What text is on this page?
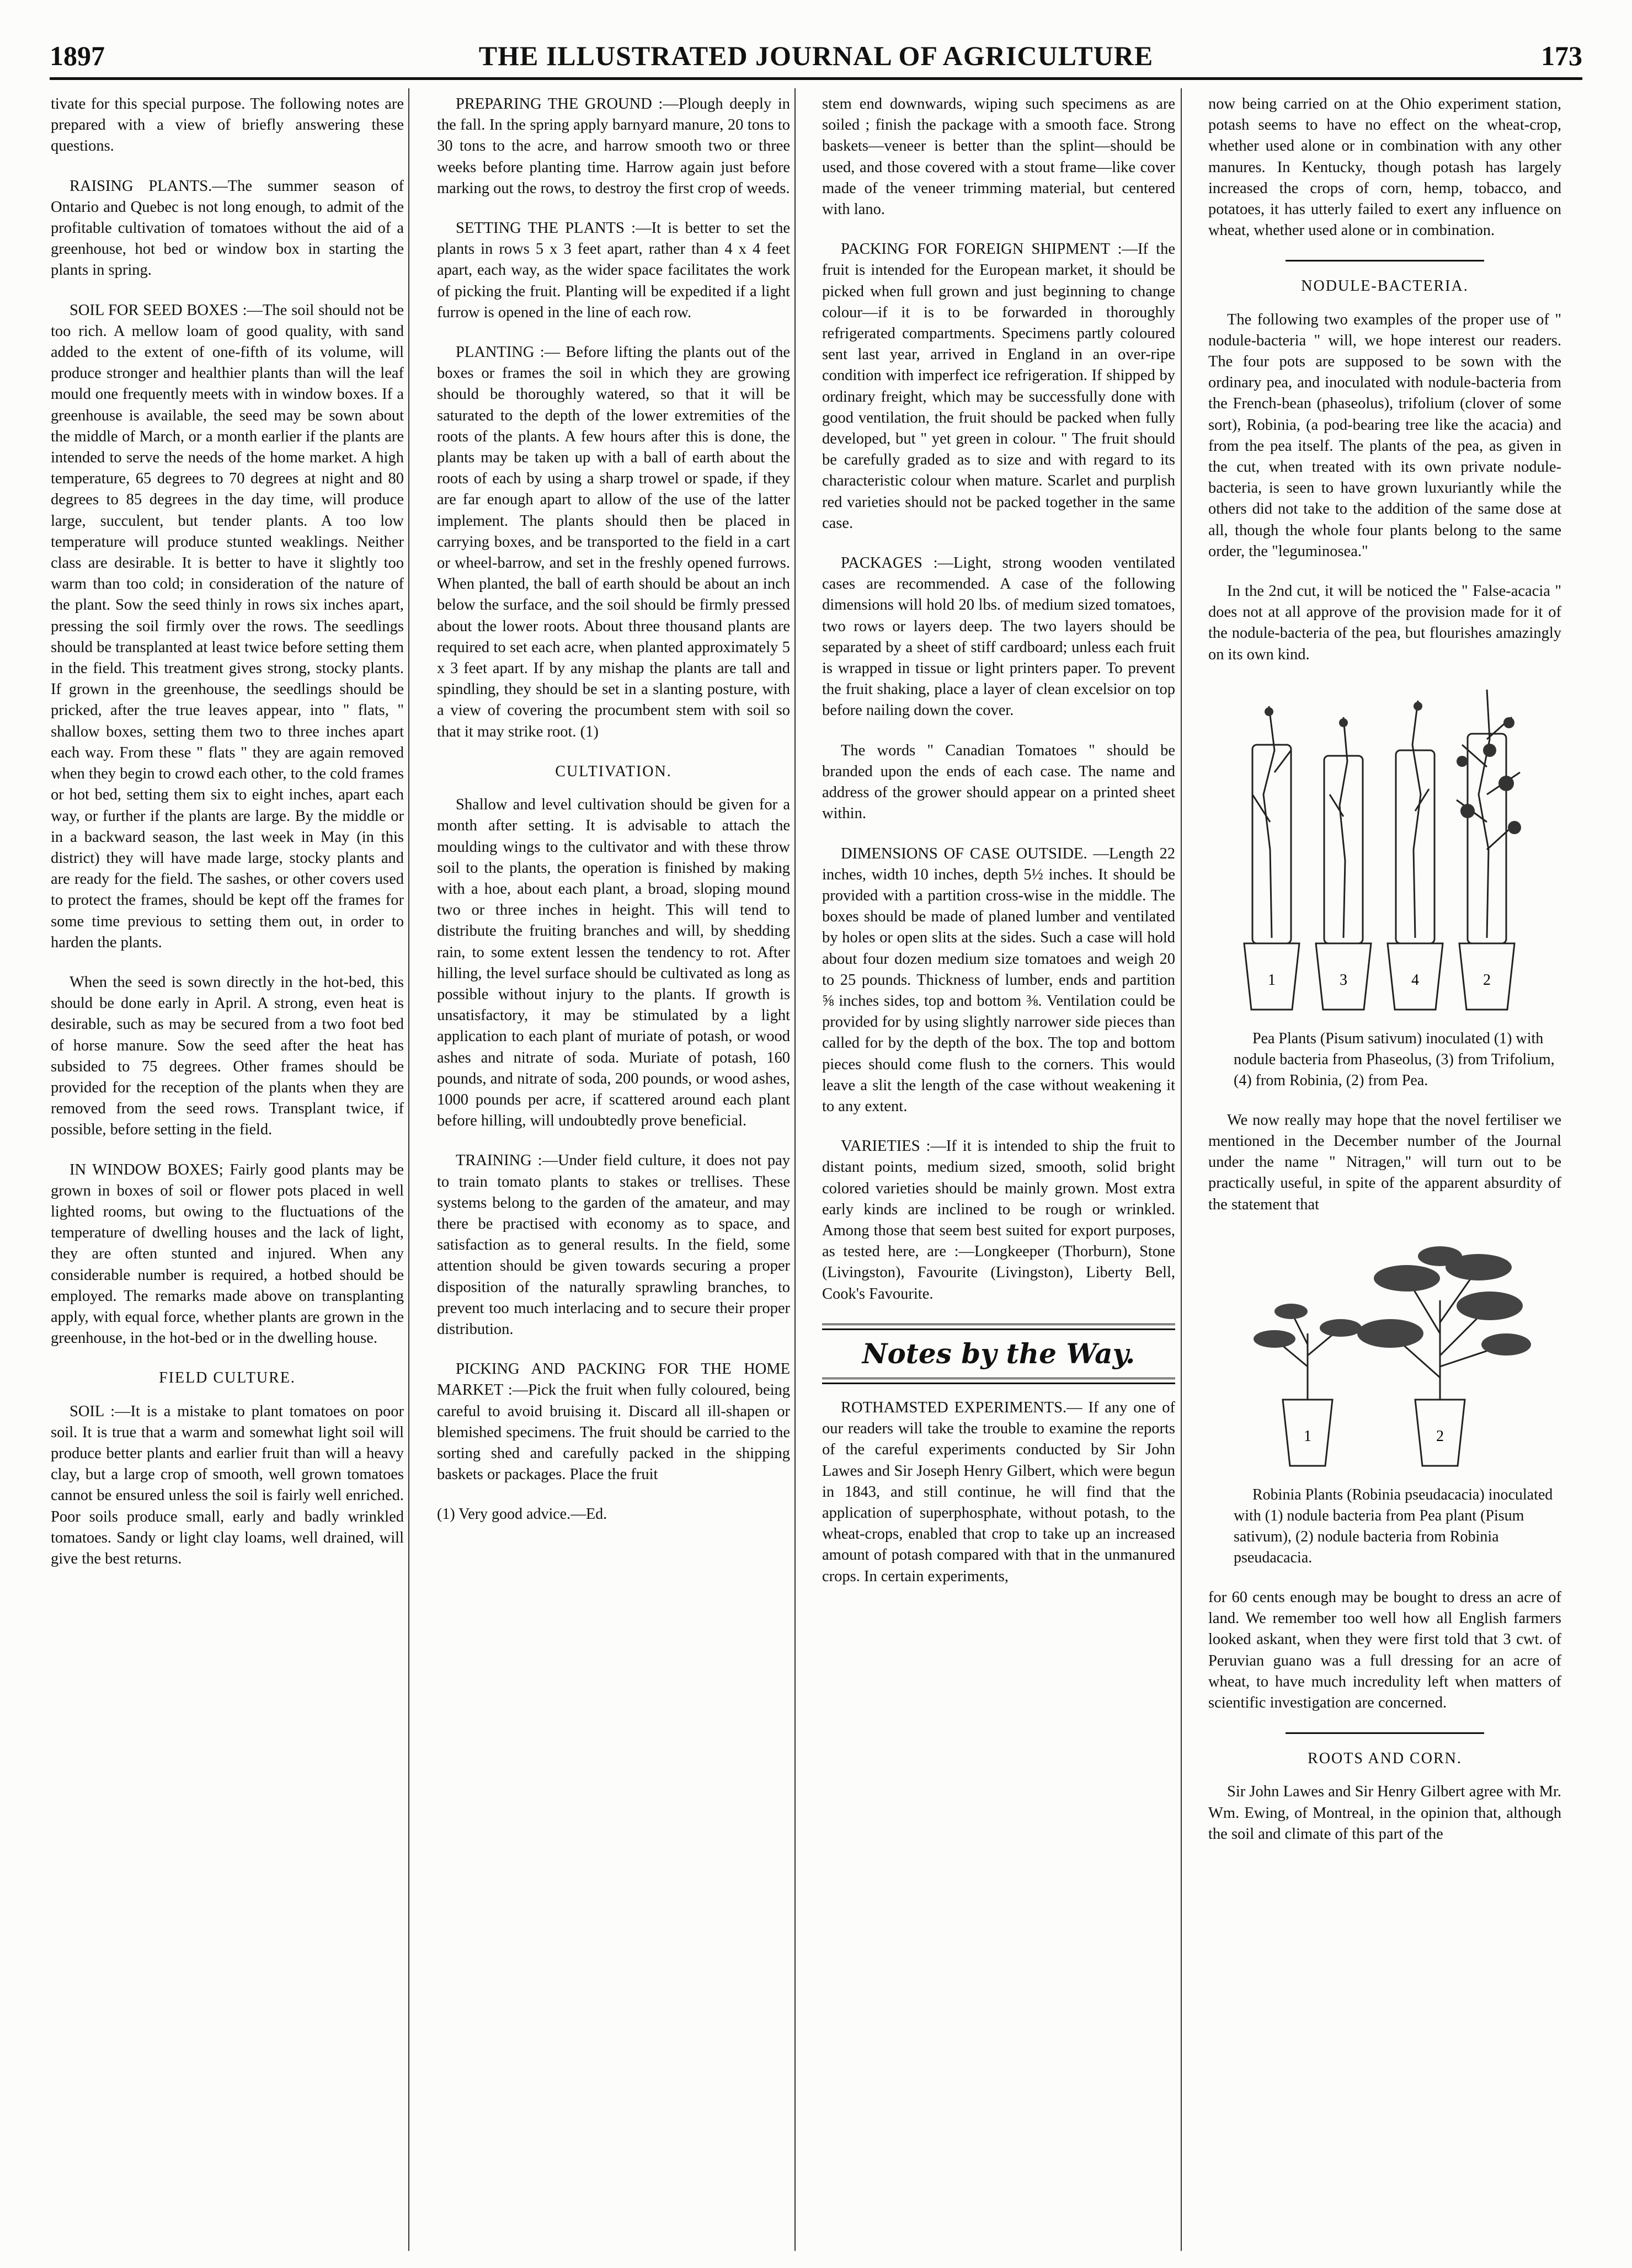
THE ILLUSTRATED JOURNAL OF AGRICULTURE
1897	173

tivate for this special purpose. The following notes are prepared with a view of briefly answering these questions.

RAISING PLANTS.—The summer season of Ontario and Quebec is not long enough, to admit of the profitable cultivation of tomatoes without the aid of a greenhouse, hot bed or window box in starting the plants in spring.

SOIL FOR SEED BOXES :—The soil should not be too rich. A mellow loam of good quality, with sand added to the extent of one-fifth of its volume, will produce stronger and healthier plants than will the leaf mould one frequently meets with in window boxes. If a greenhouse is available, the seed may be sown about the middle of March, or a month earlier if the plants are intended to serve the needs of the home market. A high temperature, 65 degrees to 70 degrees at night and 80 degrees to 85 degrees in the day time, will produce large, succulent, but tender plants. A too low temperature will produce stunted weaklings. Neither class are desirable. It is better to have it slightly too warm than too cold; in consideration of the nature of the plant. Sow the seed thinly in rows six inches apart, pressing the soil firmly over the rows. The seedlings should be transplanted at least twice before setting them in the field. This treatment gives strong, stocky plants. If grown in the greenhouse, the seedlings should be pricked, after the true leaves appear, into " flats, " shallow boxes, setting them two to three inches apart each way. From these " flats " they are again removed when they begin to crowd each other, to the cold frames or hot bed, setting them six to eight inches, apart each way, or further if the plants are large. By the middle or in a backward season, the last week in May (in this district) they will have made large, stocky plants and are ready for the field. The sashes, or other covers used to protect the frames, should be kept off the frames for some time previous to setting them out, in order to harden the plants.

When the seed is sown directly in the hot-bed, this should be done early in April. A strong, even heat is desirable, such as may be secured from a two foot bed of horse manure. Sow the seed after the heat has subsided to 75 degrees. Other frames should be provided for the reception of the plants when they are removed from the seed rows. Transplant twice, if possible, before setting in the field.

IN WINDOW BOXES; Fairly good plants may be grown in boxes of soil or flower pots placed in well lighted rooms, but owing to the fluctuations of the temperature of dwelling houses and the lack of light, they are often stunted and injured. When any considerable number is required, a hotbed should be employed. The remarks made above on transplanting apply, with equal force, whether plants are grown in the greenhouse, in the hot-bed or in the dwelling house.

FIELD CULTURE.

SOIL :—It is a mistake to plant tomatoes on poor soil. It is true that a warm and somewhat light soil will produce better plants and earlier fruit than will a heavy clay, but a large crop of smooth, well grown tomatoes cannot be ensured unless the soil is fairly well enriched. Poor soils produce small, early and badly wrinkled tomatoes. Sandy or light clay loams, well drained, will give the best returns.

PREPARING THE GROUND :—Plough deeply in the fall. In the spring apply barnyard manure, 20 tons to 30 tons to the acre, and harrow smooth two or three weeks before planting time. Harrow again just before marking out the rows, to destroy the first crop of weeds.

SETTING THE PLANTS :—It is better to set the plants in rows 5 x 3 feet apart, rather than 4 x 4 feet apart, each way, as the wider space facilitates the work of picking the fruit. Planting will be expedited if a light furrow is opened in the line of each row.

PLANTING :— Before lifting the plants out of the boxes or frames the soil in which they are growing should be thoroughly watered, so that it will be saturated to the depth of the lower extremities of the roots of the plants. A few hours after this is done, the plants may be taken up with a ball of earth about the roots of each by using a sharp trowel or spade, if they are far enough apart to allow of the use of the latter implement. The plants should then be placed in carrying boxes, and be transported to the field in a cart or wheel-barrow, and set in the freshly opened furrows. When planted, the ball of earth should be about an inch below the surface, and the soil should be firmly pressed about the lower roots. About three thousand plants are required to set each acre, when planted approximately 5 x 3 feet apart. If by any mishap the plants are tall and spindling, they should be set in a slanting posture, with a view of covering the procumbent stem with soil so that it may strike root. (1)

CULTIVATION.

Shallow and level cultivation should be given for a month after setting. It is advisable to attach the moulding wings to the cultivator and with these throw soil to the plants, the operation is finished by making with a hoe, about each plant, a broad, sloping mound two or three inches in height. This will tend to distribute the fruiting branches and will, by shedding rain, to some extent lessen the tendency to rot. After hilling, the level surface should be cultivated as long as possible without injury to the plants. If growth is unsatisfactory, it may be stimulated by a light application to each plant of muriate of potash, or wood ashes and nitrate of soda. Muriate of potash, 160 pounds, and nitrate of soda, 200 pounds, or wood ashes, 1000 pounds per acre, if scattered around each plant before hilling, will undoubtedly prove beneficial.

TRAINING :—Under field culture, it does not pay to train tomato plants to stakes or trellises. These systems belong to the garden of the amateur, and may there be practised with economy as to space, and satisfaction as to general results. In the field, some attention should be given towards securing a proper disposition of the naturally sprawling branches, to prevent too much interlacing and to secure their proper distribution.

PICKING AND PACKING FOR THE HOME MARKET :—Pick the fruit when fully coloured, being careful to avoid bruising it. Discard all ill-shapen or blemished specimens. The fruit should be carried to the sorting shed and carefully packed in the shipping baskets or packages. Place the fruit

(1) Very good advice.—Ed.

stem end downwards, wiping such specimens as are soiled ; finish the package with a smooth face. Strong baskets—veneer is better than the splint—should be used, and those covered with a stout frame—like cover made of the veneer trimming material, but centered with lano.

PACKING FOR FOREIGN SHIPMENT :—If the fruit is intended for the European market, it should be picked when full grown and just beginning to change colour—if it is to be forwarded in thoroughly refrigerated compartments. Specimens partly coloured sent last year, arrived in England in an over-ripe condition with imperfect ice refrigeration. If shipped by ordinary freight, which may be successfully done with good ventilation, the fruit should be packed when fully developed, but " yet green in colour. " The fruit should be carefully graded as to size and with regard to its characteristic colour when mature. Scarlet and purplish red varieties should not be packed together in the same case.

PACKAGES :—Light, strong wooden ventilated cases are recommended. A case of the following dimensions will hold 20 lbs. of medium sized tomatoes, two rows or layers deep. The two layers should be separated by a sheet of stiff cardboard; unless each fruit is wrapped in tissue or light printers paper. To prevent the fruit shaking, place a layer of clean excelsior on top before nailing down the cover.

The words " Canadian Tomatoes " should be branded upon the ends of each case. The name and address of the grower should appear on a printed sheet within.

DIMENSIONS OF CASE OUTSIDE. —Length 22 inches, width 10 inches, depth 5½ inches. It should be provided with a partition cross-wise in the middle. The boxes should be made of planed lumber and ventilated by holes or open slits at the sides. Such a case will hold about four dozen medium size tomatoes and weigh 20 to 25 pounds. Thickness of lumber, ends and partition ⅝ inches sides, top and bottom ⅜. Ventilation could be provided for by using slightly narrower side pieces than called for by the depth of the box. The top and bottom pieces should come flush to the corners. This would leave a slit the length of the case without weakening it to any extent.

VARIETIES :—If it is intended to ship the fruit to distant points, medium sized, smooth, solid bright colored varieties should be mainly grown. Most extra early kinds are inclined to be rough or wrinkled. Among those that seem best suited for export purposes, as tested here, are :—Longkeeper (Thorburn), Stone (Livingston), Favourite (Livingston), Liberty Bell, Cook's Favourite.

Notes by the Way.

ROTHAMSTED EXPERIMENTS.— If any one of our readers will take the trouble to examine the reports of the careful experiments conducted by Sir John Lawes and Sir Joseph Henry Gilbert, which were begun in 1843, and still continue, he will find that the application of superphosphate, without potash, to the wheat-crops, enabled that crop to take up an increased amount of potash compared with that in the unmanured crops. In certain experiments,

now being carried on at the Ohio experiment station, potash seems to have no effect on the wheat-crop, whether used alone or in combination with any other manures. In Kentucky, though potash has largely increased the crops of corn, hemp, tobacco, and potatoes, it has utterly failed to exert any influence on wheat, whether used alone or in combination.

NODULE-BACTERIA.

The following two examples of the proper use of " nodule-bacteria " will, we hope interest our readers. The four pots are supposed to be sown with the ordinary pea, and inoculated with nodule-bacteria from the French-bean (phaseolus), trifolium (clover of some sort), Robinia, (a pod-bearing tree like the acacia) and from the pea itself. The plants of the pea, as given in the cut, when treated with its own private nodule-bacteria, is seen to have grown luxuriantly while the others did not take to the addition of the same dose at all, though the whole four plants belong to the same order, the "leguminosea."

In the 2nd cut, it will be noticed the " False-acacia " does not at all approve of the provision made for it of the nodule-bacteria of the pea, but flourishes amazingly on its own kind.

1	3	4	2

Pea Plants (Pisum sativum) inoculated (1) with nodule bacteria from Phaseolus, (3) from Trifolium, (4) from Robinia, (2) from Pea.

We now really may hope that the novel fertiliser we mentioned in the December number of the Journal under the name " Nitragen," will turn out to be practically useful, in spite of the apparent absurdity of the statement that

1	2

Robinia Plants (Robinia pseudacacia) inoculated with (1) nodule bacteria from Pea plant (Pisum sativum), (2) nodule bacteria from Robinia pseudacacia.

for 60 cents enough may be bought to dress an acre of land. We remember too well how all English farmers looked askant, when they were first told that 3 cwt. of Peruvian guano was a full dressing for an acre of wheat, to have much incredulity left when matters of scientific investigation are concerned.

ROOTS AND CORN.

Sir John Lawes and Sir Henry Gilbert agree with Mr. Wm. Ewing, of Montreal, in the opinion that, although the soil and climate of this part of the
